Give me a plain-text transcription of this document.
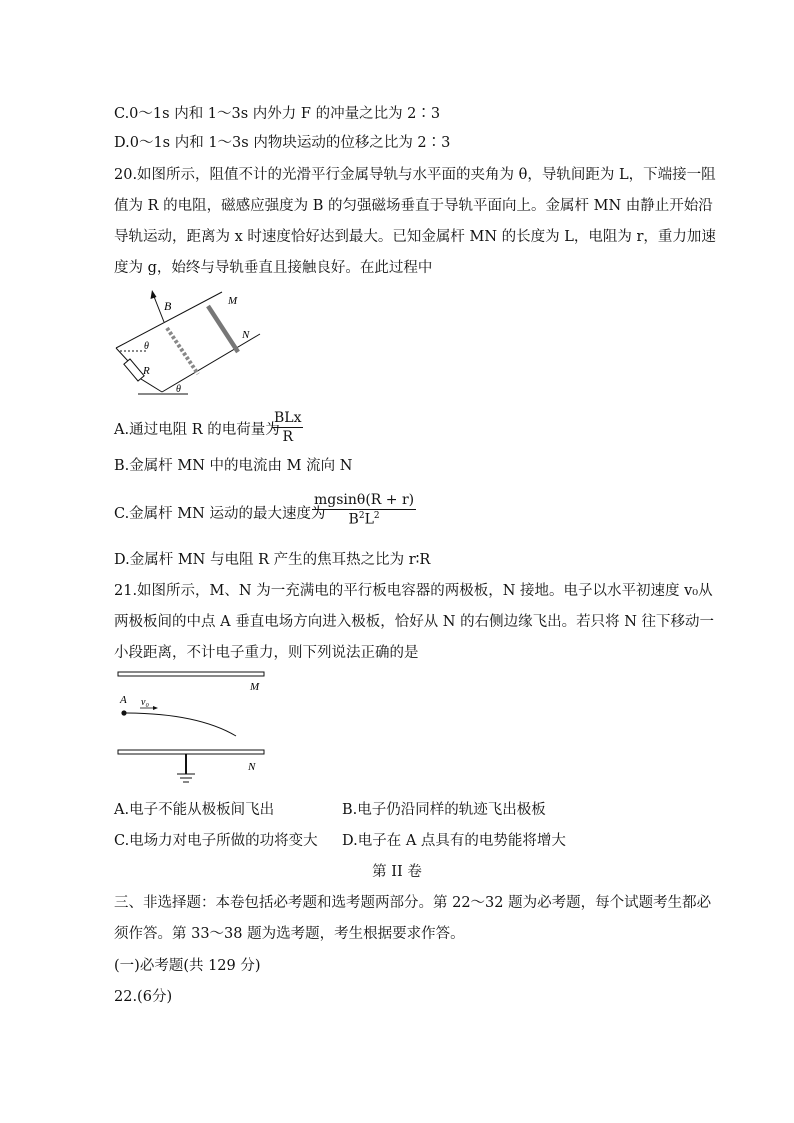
C.0～1s 内和 1～3s 内外力 F 的冲量之比为 2∶3
D.0～1s 内和 1～3s 内物块运动的位移之比为 2∶3
20.如图所示，阻值不计的光滑平行金属导轨与水平面的夹角为 θ，导轨间距为 L，下端接一阻
值为 R 的电阻，磁感应强度为 B 的匀强磁场垂直于导轨平面向上。金属杆 MN 由静止开始沿
导轨运动，距离为 x 时速度恰好达到最大。已知金属杆 MN 的长度为 L，电阻为 r，重力加速
度为 g，始终与导轨垂直且接触良好。在此过程中
B	M
N
R
θ
θ
A.通过电阻 R 的电荷量为
BLx
R
B.金属杆 MN 中的电流由 M 流向 N
C.金属杆 MN 运动的最大速度为
$\frac{mgsin\theta(R + r)}{B^2L^2}$
D.金属杆 MN 与电阻 R 产生的焦耳热之比为 r∶R
21.如图所示，M、N 为一充满电的平行板电容器的两极板，N 接地。电子以水平初速度 v₀从
两极板间的中点 A 垂直电场方向进入极板，恰好从 N 的右侧边缘飞出。若只将 N 往下移动一
小段距离，不计电子重力，则下列说法正确的是
A v₀
M
N
A.电子不能从极板间飞出	B.电子仍沿同样的轨迹飞出极板
C.电场力对电子所做的功将变大 D.电子在 A 点具有的电势能将增大
第 II 卷
三、非选择题：本卷包括必考题和选考题两部分。第 22～32 题为必考题，每个试题考生都必
须作答。第 33～38 题为选考题，考生根据要求作答。
(一)必考题(共 129 分)
22.(6分)
